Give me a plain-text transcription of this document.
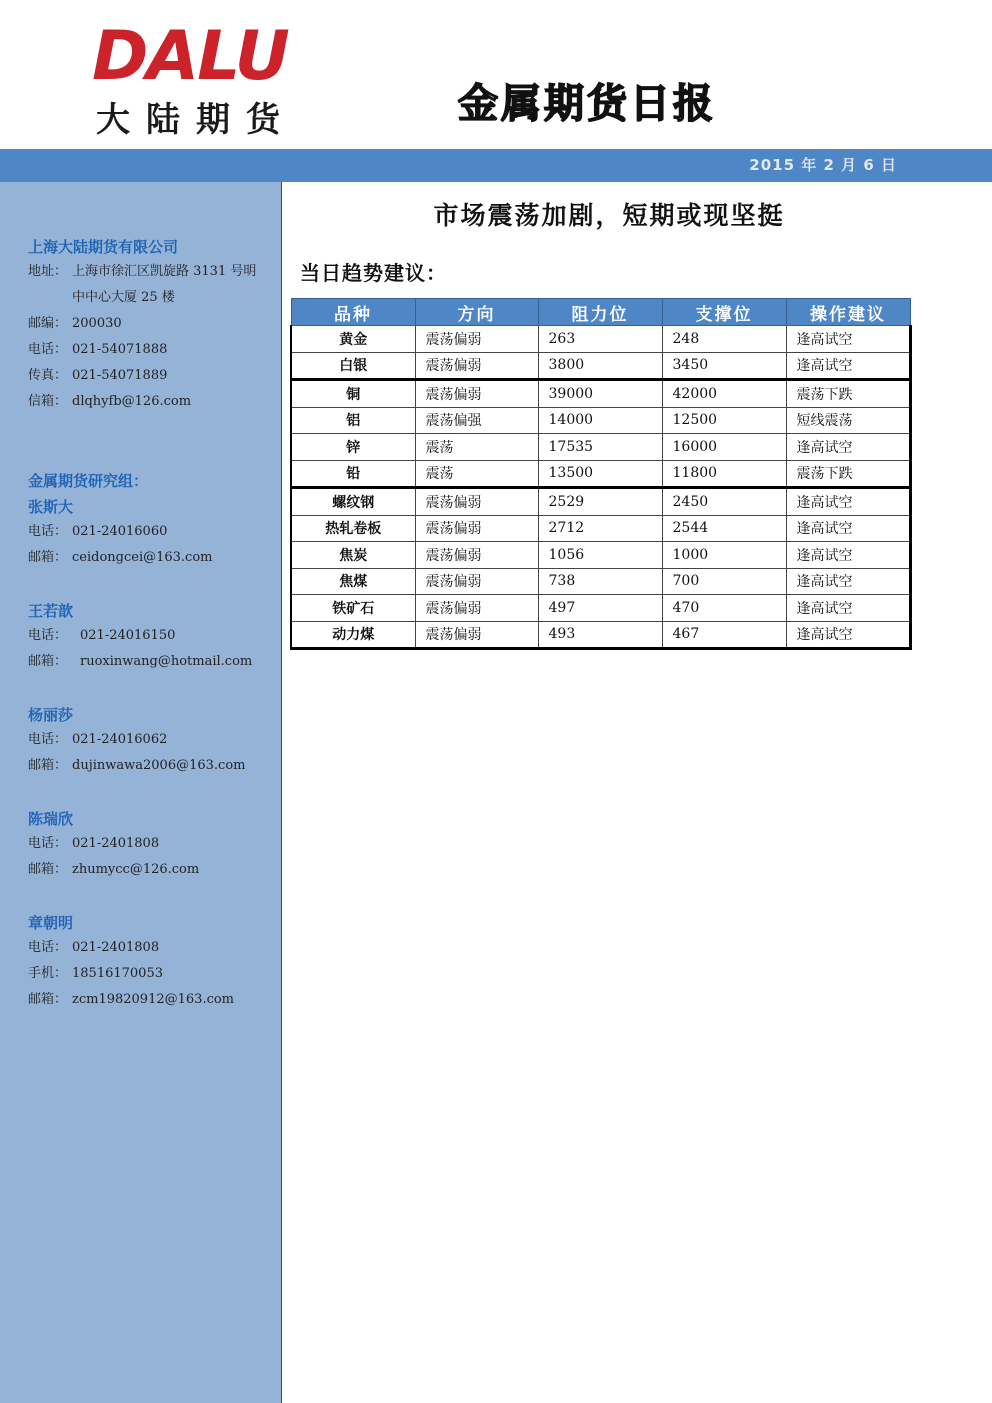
DALU
大陆期货	金属期货日报
2015 年 2 月 6 日
上海大陆期货有限公司
地址： 上海市徐汇区凯旋路 3131 号明
中中心大厦 25 楼
邮编： 200030
电话： 021-54071888
传真： 021-54071889
信箱： dlqhyfb@126.com
金属期货研究组：
张斯大
电话： 021-24016060
邮箱： ceidongcei@163.com
王若歆
电话： 021-24016150
邮箱： ruoxinwang@hotmail.com
杨丽莎
电话： 021-24016062
邮箱： dujinwawa2006@163.com
陈瑞欣
电话： 021-2401808
邮箱： zhumycc@126.com
章朝明
电话： 021-2401808
手机： 18516170053
邮箱： zcm19820912@163.com
市场震荡加剧，短期或现坚挺
当日趋势建议：
品种	方向	阻力位	支撑位	操作建议
黄金	震荡偏弱	263	248	逢高试空
白银	震荡偏弱	3800	3450	逢高试空
铜	震荡偏弱	39000	42000	震荡下跌
铝	震荡偏强	14000	12500	短线震荡
锌	震荡	17535	16000	逢高试空
铅	震荡	13500	11800	震荡下跌
螺纹钢	震荡偏弱	2529	2450	逢高试空
热轧卷板	震荡偏弱	2712	2544	逢高试空
焦炭	震荡偏弱	1056	1000	逢高试空
焦煤	震荡偏弱	738	700	逢高试空
铁矿石	震荡偏弱	497	470	逢高试空
动力煤	震荡偏弱	493	467	逢高试空
